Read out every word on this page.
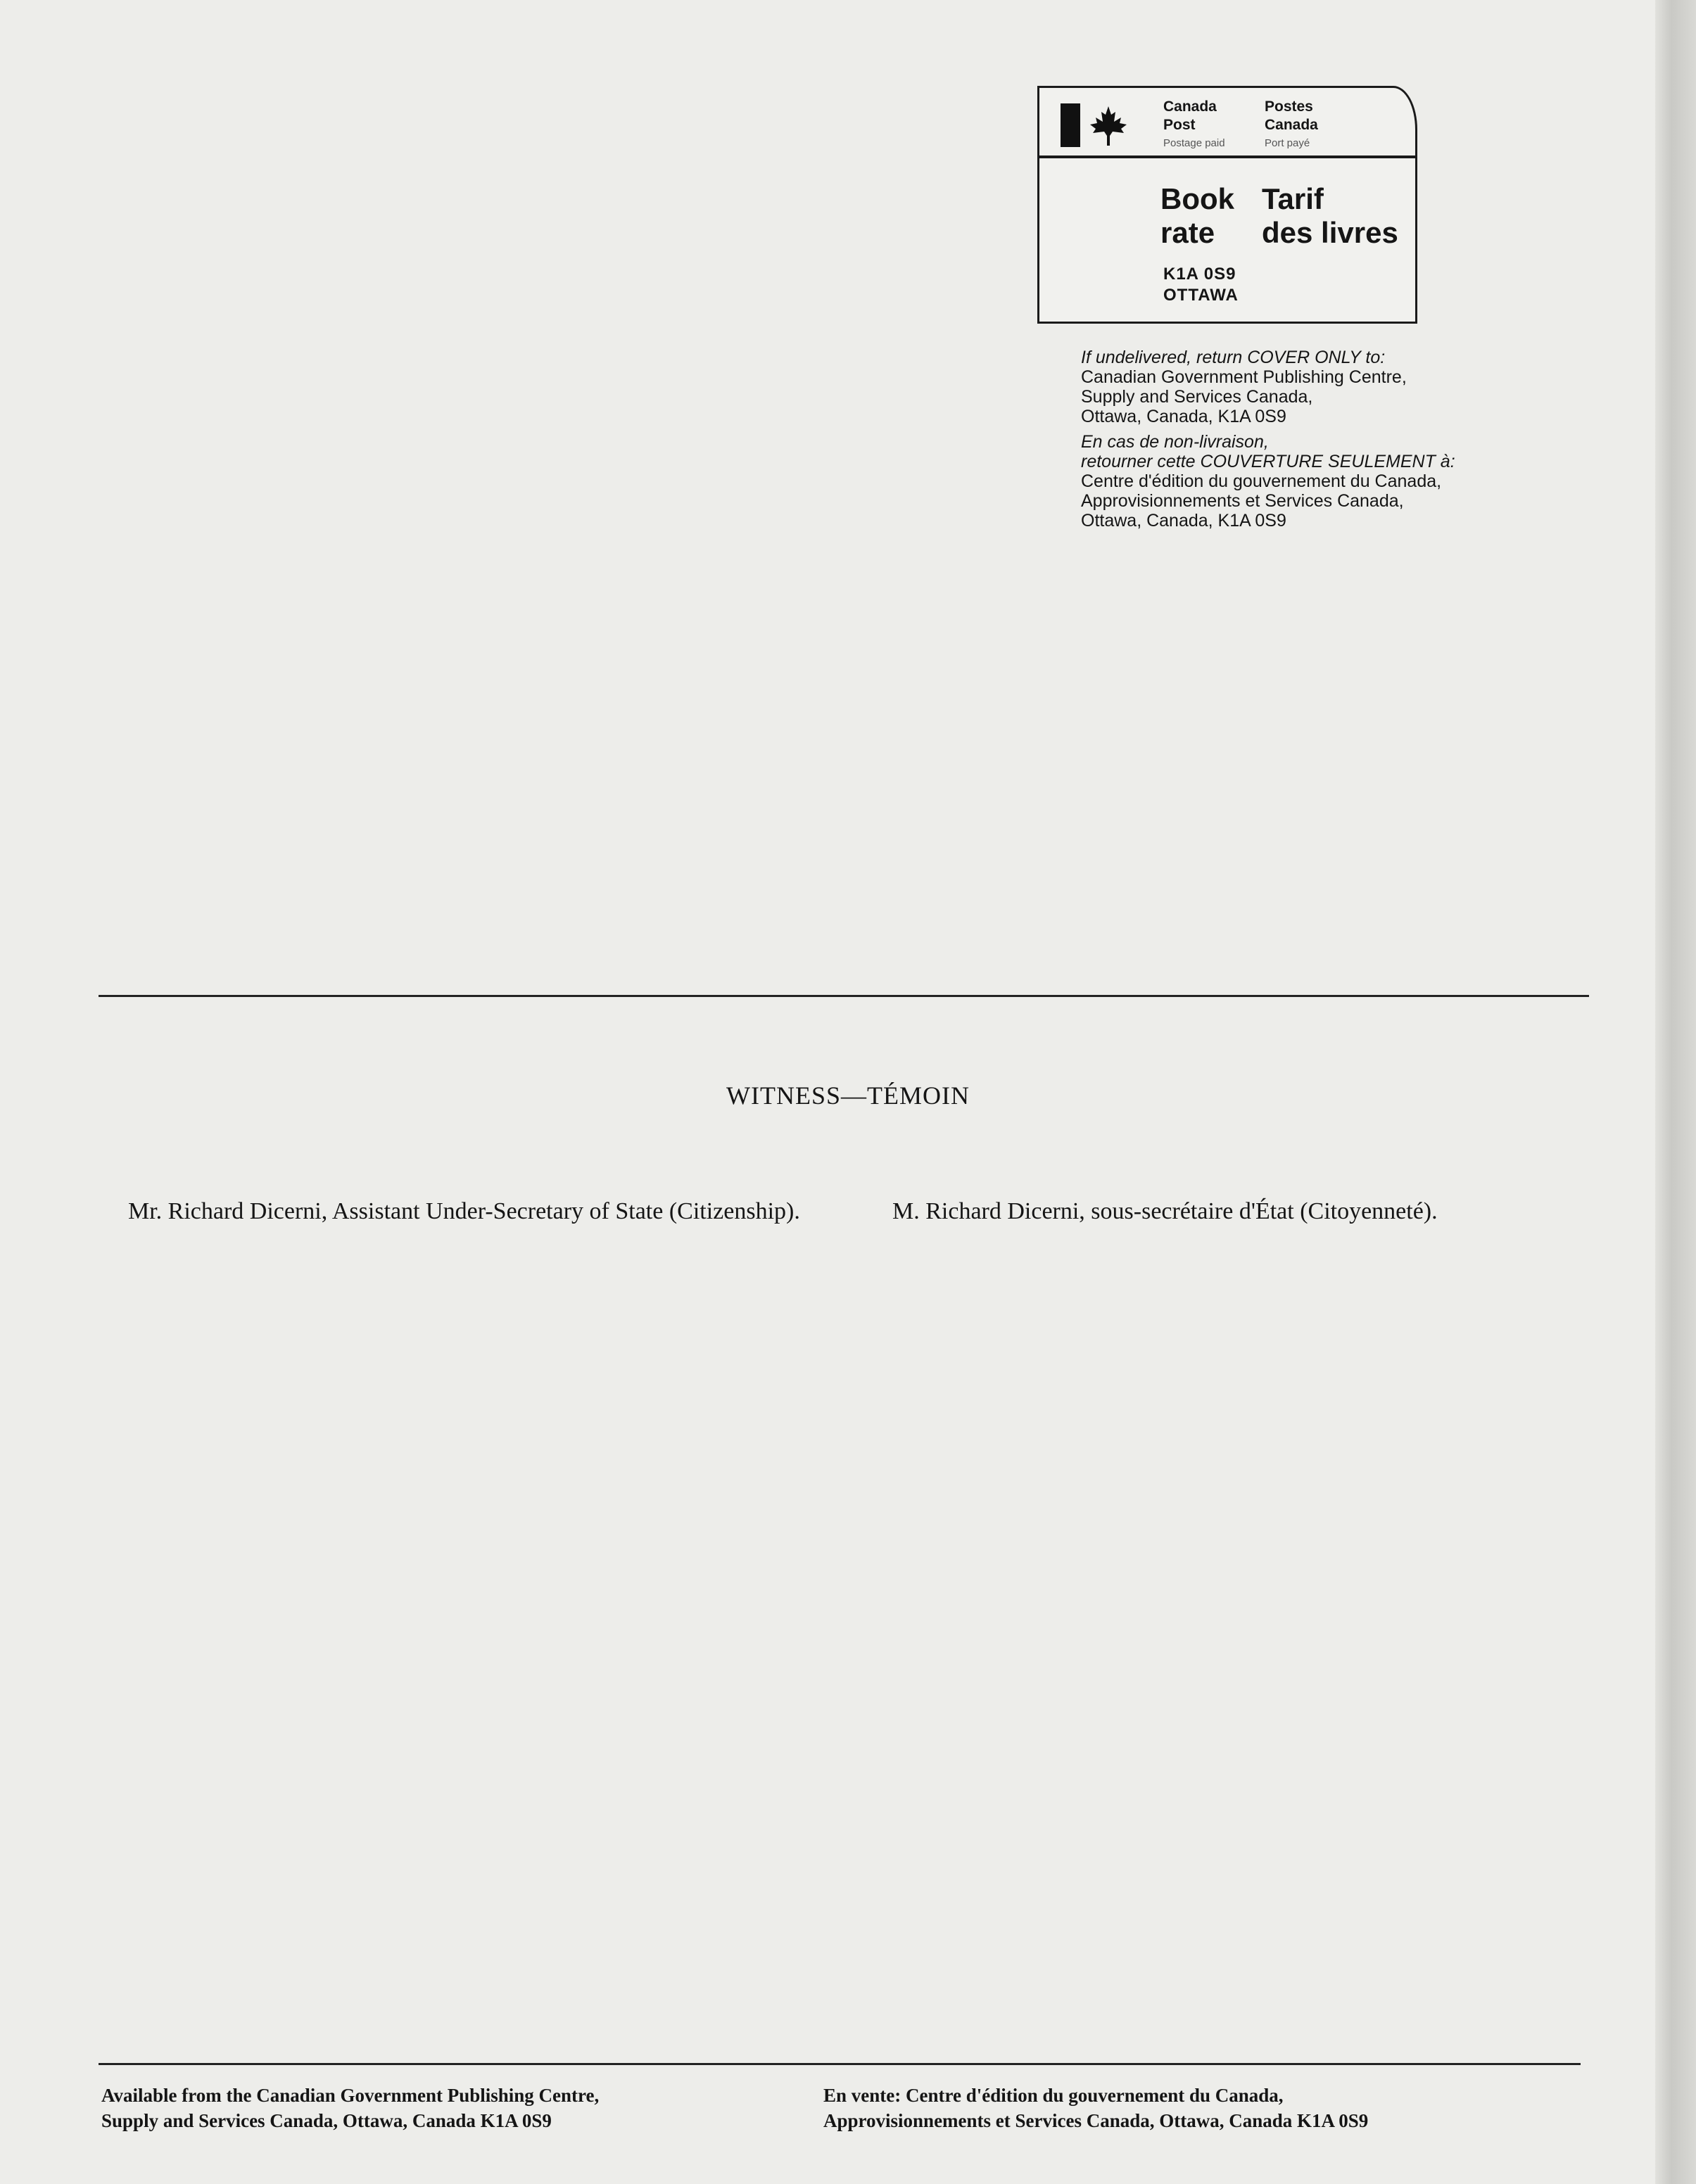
Canada
Post
Postage paid
Postes
Canada
Port payé
Book
rate
Tarif
des livres
K1A 0S9
OTTAWA

If undelivered, return COVER ONLY to:

Canadian Government Publishing Centre,

Supply and Services Canada,

Ottawa, Canada, K1A 0S9

En cas de non-livraison,

retourner cette COUVERTURE SEULEMENT à:

Centre d'édition du gouvernement du Canada,

Approvisionnements et Services Canada,

Ottawa, Canada, K1A 0S9

WITNESS—TÉMOIN
Mr. Richard Dicerni, Assistant Under-Secretary of State (Citizenship).	M. Richard Dicerni, sous-secrétaire d'État (Citoyenneté).

Available from the Canadian Government Publishing Centre,

Supply and Services Canada, Ottawa, Canada K1A 0S9

En vente: Centre d'édition du gouvernement du Canada,

Approvisionnements et Services Canada, Ottawa, Canada K1A 0S9
